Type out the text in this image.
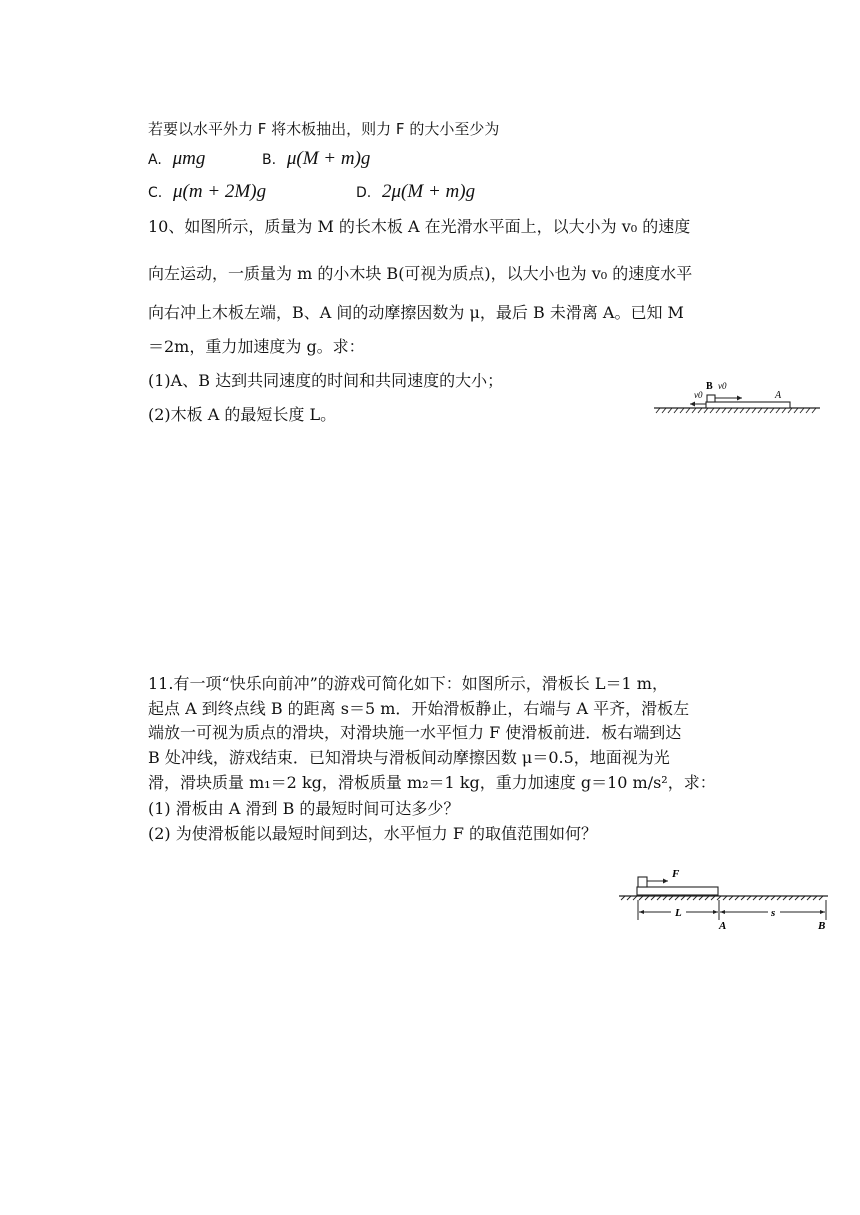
若要以水平外力 F 将木板抽出，则力 F 的大小至少为
A. μmg	B. μ(M + m)g
C. μ(m + 2M)g	D. 2μ(M + m)g
10、如图所示，质量为 M 的长木板 A 在光滑水平面上，以大小为 v₀ 的速度
向左运动，一质量为 m 的小木块 B(可视为质点)，以大小也为 v₀ 的速度水平
向右冲上木板左端，B、A 间的动摩擦因数为 μ，最后 B 未滑离 A。已知 M
＝2m，重力加速度为 g。求：
(1)A、B 达到共同速度的时间和共同速度的大小；
(2)木板 A 的最短长度 L。
B v0
A
v0
11.有一项“快乐向前冲”的游戏可简化如下：如图所示，滑板长 L＝1 m，
起点 A 到终点线 B 的距离 s＝5 m．开始滑板静止，右端与 A 平齐，滑板左
端放一可视为质点的滑块，对滑块施一水平恒力 F 使滑板前进．板右端到达
B 处冲线，游戏结束．已知滑块与滑板间动摩擦因数 μ＝0.5，地面视为光
滑，滑块质量 m₁＝2 kg，滑板质量 m₂＝1 kg，重力加速度 g＝10 m/s²，求：
(1) 滑板由 A 滑到 B 的最短时间可达多少？
(2) 为使滑板能以最短时间到达，水平恒力 F 的取值范围如何？
F
L	s
A	B
